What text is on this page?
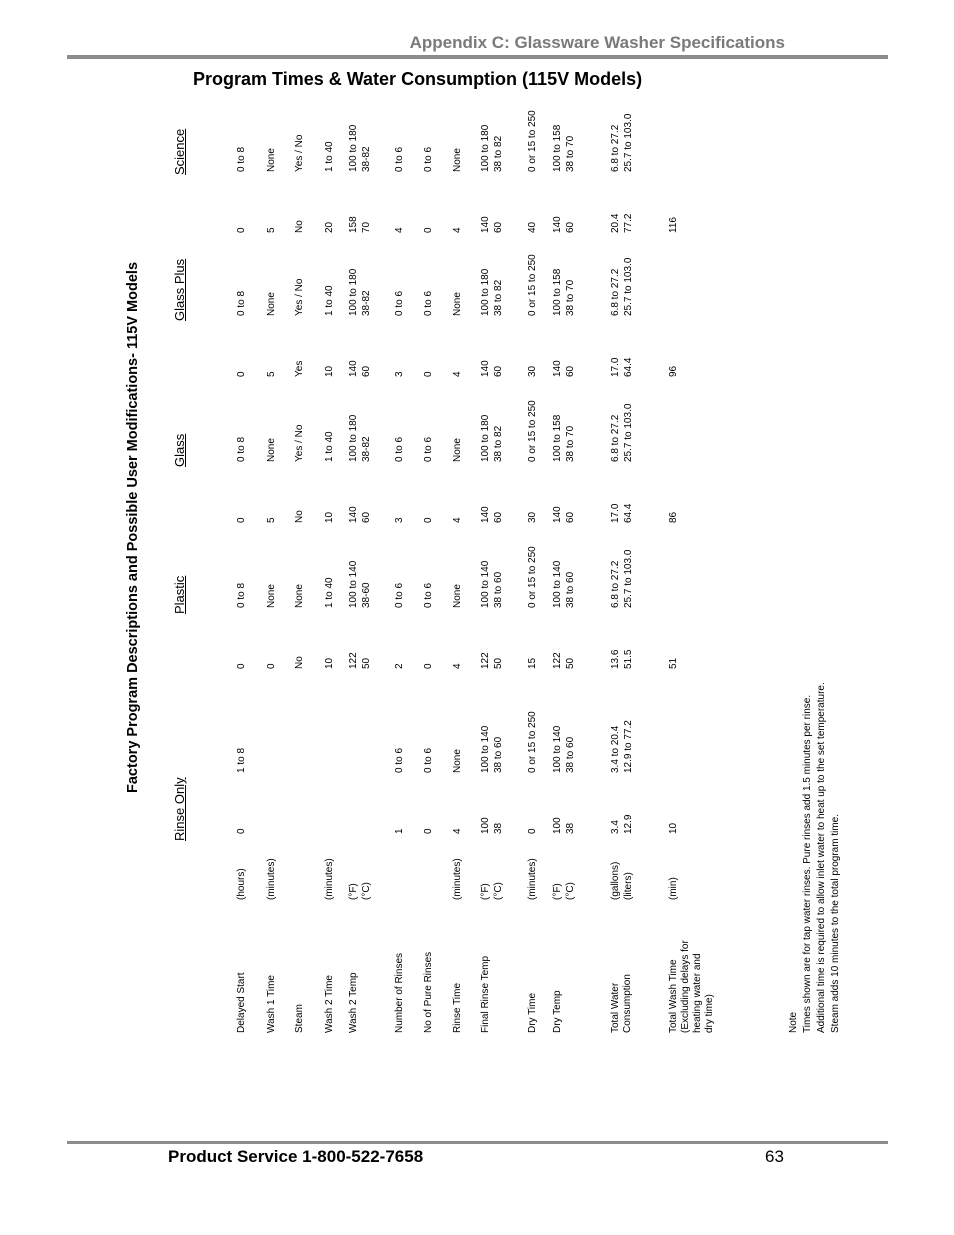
Appendix C: Glassware Washer Specifications
Program Times & Water Consumption (115V Models)
Factory Program Descriptions and Possible User Modifications- 115V Models
Rinse Only
Plastic
Glass
Glass Plus
Science
Delayed Start
(hours)
0
1 to 8
0
0 to 8
0
0 to 8
0
0 to 8
0
0 to 8
Wash 1 Time
(minutes)
0
None
5
None
5
None
5
None
Steam
No
None
No
Yes / No
Yes
Yes / No
No
Yes / No
Wash 2 Time
(minutes)
10
1 to 40
10
1 to 40
10
1 to 40
20
1 to 40
Wash 2 Temp
(°F) (°C)
122 50
100 to 140 38-60
140 60
100 to 180 38-82
140 60
100 to 180 38-82
158 70
100 to 180 38-82
Number of Rinses
1
0 to 6
2
0 to 6
3
0 to 6
3
0 to 6
4
0 to 6
No of Pure Rinses
0
0 to 6
0
0 to 6
0
0 to 6
0
0 to 6
0
0 to 6
Rinse Time
(minutes)
4
None
4
None
4
None
4
None
4
None
Final Rinse Temp
(°F) (°C)
100 38
100 to 140 38 to 60
122 50
100 to 140 38 to 60
140 60
100 to 180 38 to 82
140 60
100 to 180 38 to 82
140 60
100 to 180 38 to 82
Dry Time
(minutes)
0
0 or 15 to 250
15
0 or 15 to 250
30
0 or 15 to 250
30
0 or 15 to 250
40
0 or 15 to 250
Dry Temp
(°F) (°C)
100 38
100 to 140 38 to 60
122 50
100 to 140 38 to 60
140 60
100 to 158 38 to 70
140 60
100 to 158 38 to 70
140 60
100 to 158 38 to 70
Total Water Consumption
(gallons) (liters)
3.4 12.9
3.4 to 20.4 12.9 to 77.2
13.6 51.5
6.8 to 27.2 25.7 to 103.0
17.0 64.4
6.8 to 27.2 25.7 to 103.0
17.0 64.4
6.8 to 27.2 25.7 to 103.0
20.4 77.2
6.8 to 27.2 25.7 to 103.0
Total Wash Time (Excluding delays for heating water and dry time)
(min)
10
51
86
96
116
Note Times shown are for tap water rinses. Pure rinses add 1.5 minutes per rinse. Additional time is required to allow inlet water to heat up to the set temperature. Steam adds 10 minutes to the total program time.
Product Service 1-800-522-7658	63
